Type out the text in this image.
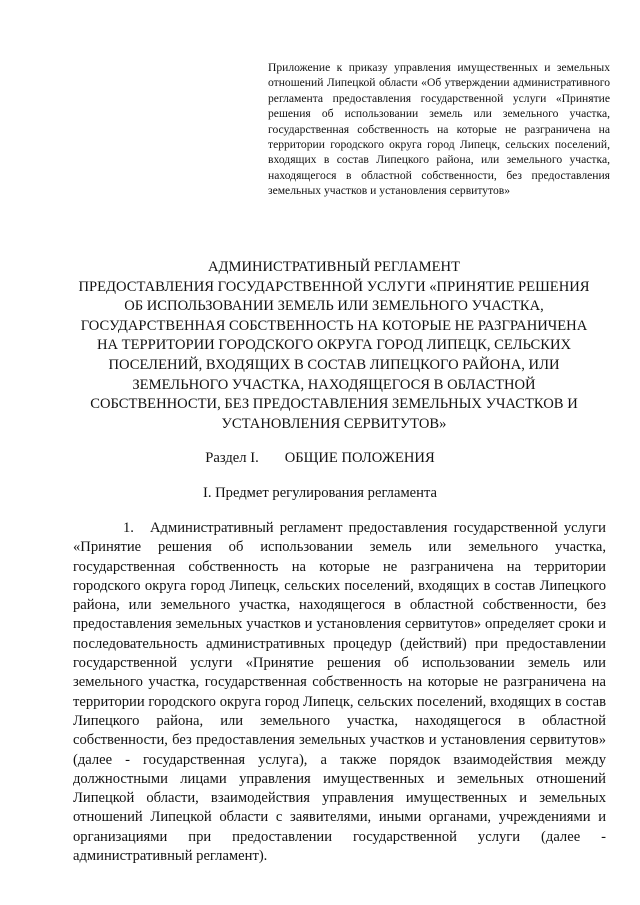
Приложение к приказу управления имущественных и земельных отношений Липецкой области «Об утверждении административного регламента предоставления государственной услуги «Принятие решения об использовании земель или земельного участка, государственная собственность на которые не разграничена на территории городского округа город Липецк, сельских поселений, входящих в состав Липецкого района, или земельного участка, находящегося в областной собственности, без предоставления земельных участков и установления сервитутов»
АДМИНИСТРАТИВНЫЙ РЕГЛАМЕНТ
ПРЕДОСТАВЛЕНИЯ ГОСУДАРСТВЕННОЙ УСЛУГИ «ПРИНЯТИЕ РЕШЕНИЯ
ОБ ИСПОЛЬЗОВАНИИ ЗЕМЕЛЬ ИЛИ ЗЕМЕЛЬНОГО УЧАСТКА,
ГОСУДАРСТВЕННАЯ СОБСТВЕННОСТЬ НА КОТОРЫЕ НЕ РАЗГРАНИЧЕНА
НА ТЕРРИТОРИИ ГОРОДСКОГО ОКРУГА ГОРОД ЛИПЕЦК, СЕЛЬСКИХ
ПОСЕЛЕНИЙ, ВХОДЯЩИХ В СОСТАВ ЛИПЕЦКОГО РАЙОНА, ИЛИ
ЗЕМЕЛЬНОГО УЧАСТКА, НАХОДЯЩЕГОСЯ В ОБЛАСТНОЙ
СОБСТВЕННОСТИ, БЕЗ ПРЕДОСТАВЛЕНИЯ ЗЕМЕЛЬНЫХ УЧАСТКОВ И
УСТАНОВЛЕНИЯ СЕРВИТУТОВ»
Раздел I. ОБЩИЕ ПОЛОЖЕНИЯ
I. Предмет регулирования регламента
1. Административный регламент предоставления государственной услуги «Принятие решения об использовании земель или земельного участка, государственная собственность на которые не разграничена на территории городского округа город Липецк, сельских поселений, входящих в состав Липецкого района, или земельного участка, находящегося в областной собственности, без предоставления земельных участков и установления сервитутов» определяет сроки и последовательность административных процедур (действий) при предоставлении государственной услуги «Принятие решения об использовании земель или земельного участка, государственная собственность на которые не разграничена на территории городского округа город Липецк, сельских поселений, входящих в состав Липецкого района, или земельного участка, находящегося в областной собственности, без предоставления земельных участков и установления сервитутов» (далее - государственная услуга), а также порядок взаимодействия между должностными лицами управления имущественных и земельных отношений Липецкой области, взаимодействия управления имущественных и земельных отношений Липецкой области с заявителями, иными органами, учреждениями и организациями при предоставлении государственной услуги (далее - административный регламент).
